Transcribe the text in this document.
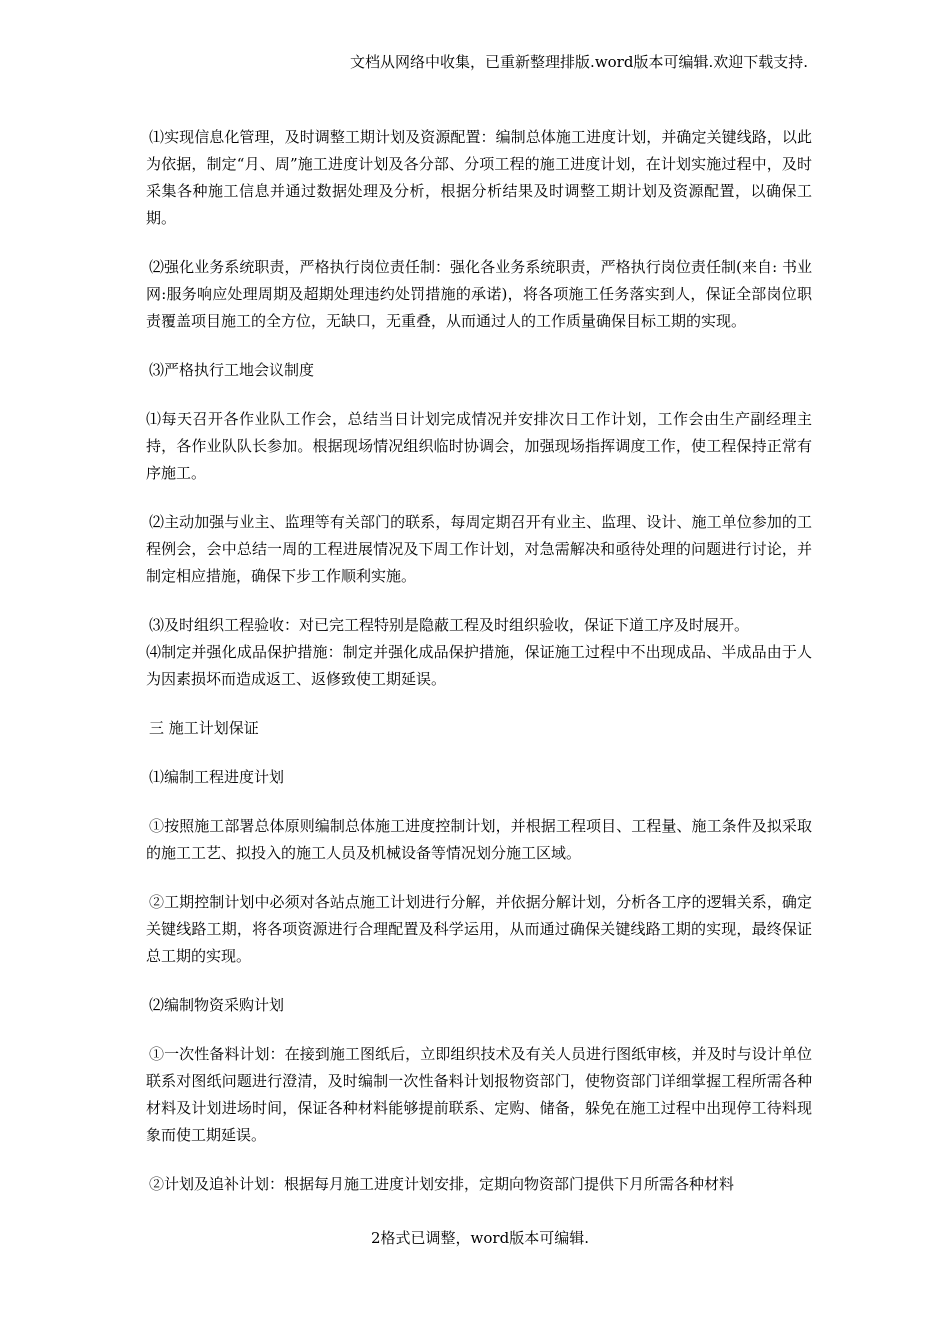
文档从网络中收集，已重新整理排版.word版本可编辑.欢迎下载支持.

⑴实现信息化管理，及时调整工期计划及资源配置：编制总体施工进度计划，并确定关键线路，以此为依据，制定“月、周”施工进度计划及各分部、分项工程的施工进度计划，在计划实施过程中，及时采集各种施工信息并通过数据处理及分析，根据分析结果及时调整工期计划及资源配置，以确保工期。

⑵强化业务系统职责，严格执行岗位责任制：强化各业务系统职责，严格执行岗位责任制(来自: 书业网:服务响应处理周期及超期处理违约处罚措施的承诺)，将各项施工任务落实到人，保证全部岗位职责覆盖项目施工的全方位，无缺口，无重叠，从而通过人的工作质量确保目标工期的实现。

⑶严格执行工地会议制度

⑴每天召开各作业队工作会，总结当日计划完成情况并安排次日工作计划，工作会由生产副经理主持，各作业队队长参加。根据现场情况组织临时协调会，加强现场指挥调度工作，使工程保持正常有序施工。

⑵主动加强与业主、监理等有关部门的联系，每周定期召开有业主、监理、设计、施工单位参加的工程例会，会中总结一周的工程进展情况及下周工作计划，对急需解决和亟待处理的问题进行讨论，并制定相应措施，确保下步工作顺利实施。

⑶及时组织工程验收：对已完工程特别是隐蔽工程及时组织验收，保证下道工序及时展开。

⑷制定并强化成品保护措施：制定并强化成品保护措施，保证施工过程中不出现成品、半成品由于人为因素损坏而造成返工、返修致使工期延误。

三 施工计划保证

⑴编制工程进度计划

①按照施工部署总体原则编制总体施工进度控制计划，并根据工程项目、工程量、施工条件及拟采取的施工工艺、拟投入的施工人员及机械设备等情况划分施工区域。

②工期控制计划中必须对各站点施工计划进行分解，并依据分解计划，分析各工序的逻辑关系，确定关键线路工期，将各项资源进行合理配置及科学运用，从而通过确保关键线路工期的实现，最终保证总工期的实现。

⑵编制物资采购计划

①一次性备料计划：在接到施工图纸后，立即组织技术及有关人员进行图纸审核，并及时与设计单位联系对图纸问题进行澄清，及时编制一次性备料计划报物资部门，使物资部门详细掌握工程所需各种材料及计划进场时间，保证各种材料能够提前联系、定购、储备，躲免在施工过程中出现停工待料现象而使工期延误。

②计划及追补计划：根据每月施工进度计划安排，定期向物资部门提供下月所需各种材料

2格式已调整，word版本可编辑.
